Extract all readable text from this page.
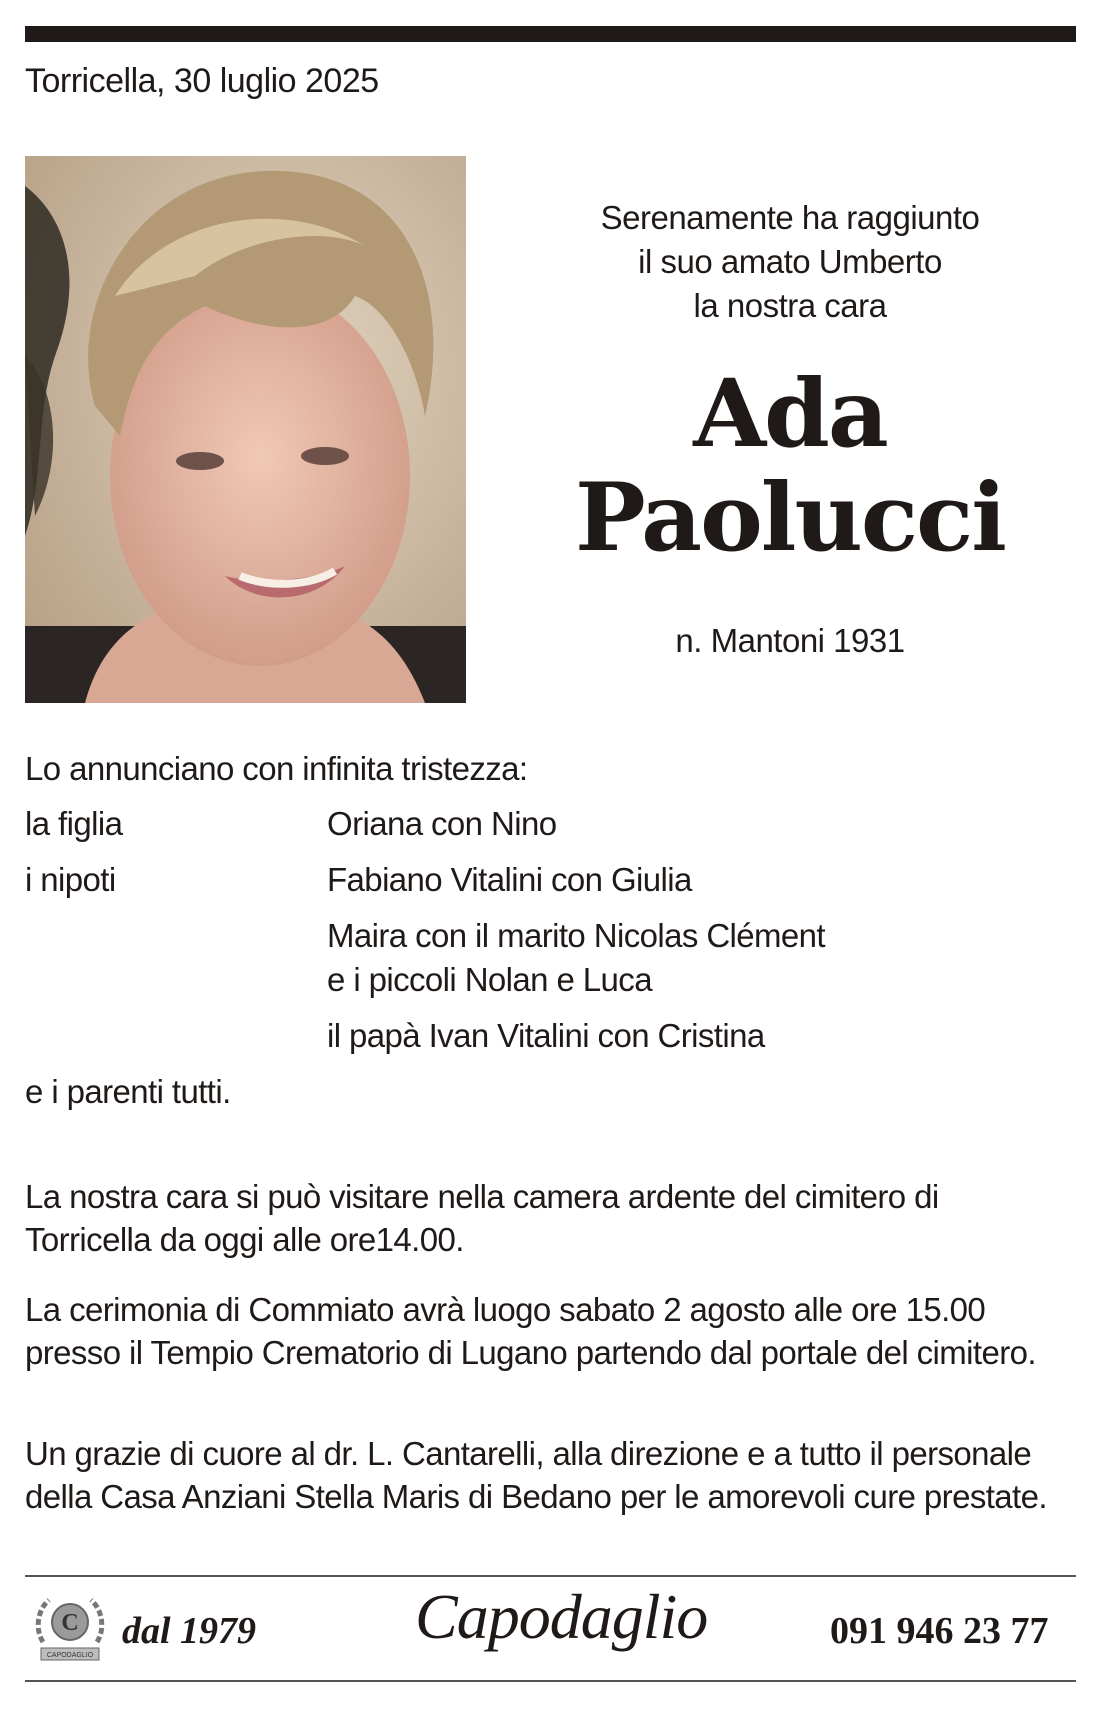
Torricella, 30 luglio 2025
Serenamente ha raggiunto
il suo amato Umberto
la nostra cara
Ada
Paolucci
n. Mantoni 1931
Lo annunciano con infinita tristezza:
la figlia	Oriana con Nino
i nipoti	Fabiano Vitalini con Giulia
Maira con il marito Nicolas Clément
e i piccoli Nolan e Luca
il papà Ivan Vitalini con Cristina
e i parenti tutti.
La nostra cara si può visitare nella camera ardente del cimitero di Torricella da oggi alle ore14.00.
La cerimonia di Commiato avrà luogo sabato 2 agosto alle ore 15.00 presso il Tempio Crematorio di Lugano partendo dal portale del cimitero.
Un grazie di cuore al dr. L. Cantarelli, alla direzione e a tutto il personale della Casa Anziani Stella Maris di Bedano per le amorevoli cure prestate.
C
CAPODAGLIO
dal 1979 Capodaglio	091 946 23 77
